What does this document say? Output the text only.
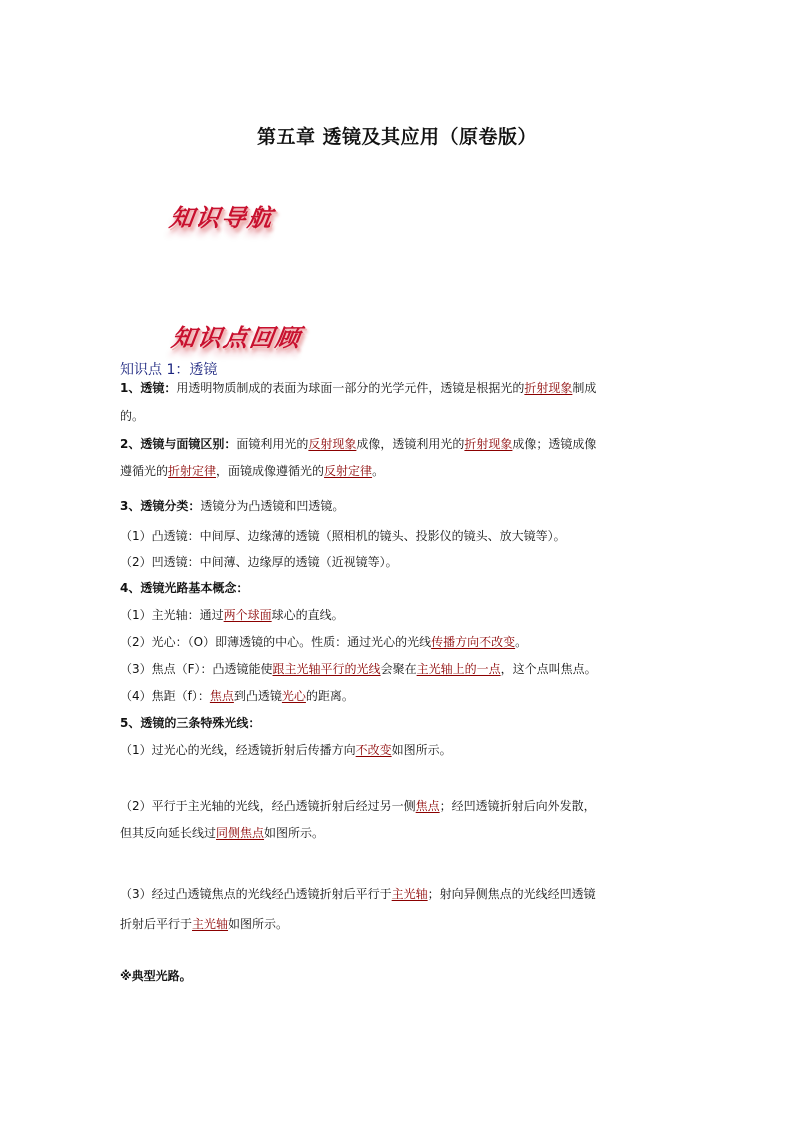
第五章 透镜及其应用（原卷版）
知识导航
知识点回顾
知识点 1：透镜
1、透镜：用透明物质制成的表面为球面一部分的光学元件，透镜是根据光的折射现象制成
的。
2、透镜与面镜区别：面镜利用光的反射现象成像，透镜利用光的折射现象成像；透镜成像
遵循光的折射定律，面镜成像遵循光的反射定律。
3、透镜分类：透镜分为凸透镜和凹透镜。
（1）凸透镜：中间厚、边缘薄的透镜（照相机的镜头、投影仪的镜头、放大镜等）。
（2）凹透镜：中间薄、边缘厚的透镜（近视镜等）。
4、透镜光路基本概念：
（1）主光轴：通过两个球面球心的直线。
（2）光心：（O）即薄透镜的中心。性质：通过光心的光线传播方向不改变。
（3）焦点（F）：凸透镜能使跟主光轴平行的光线会聚在主光轴上的一点，这个点叫焦点。
（4）焦距（f）：焦点到凸透镜光心的距离。
5、透镜的三条特殊光线：
（1）过光心的光线，经透镜折射后传播方向不改变如图所示。
（2）平行于主光轴的光线，经凸透镜折射后经过另一侧焦点；经凹透镜折射后向外发散，
但其反向延长线过同侧焦点如图所示。
（3）经过凸透镜焦点的光线经凸透镜折射后平行于主光轴；射向异侧焦点的光线经凹透镜
折射后平行于主光轴如图所示。
※典型光路。
